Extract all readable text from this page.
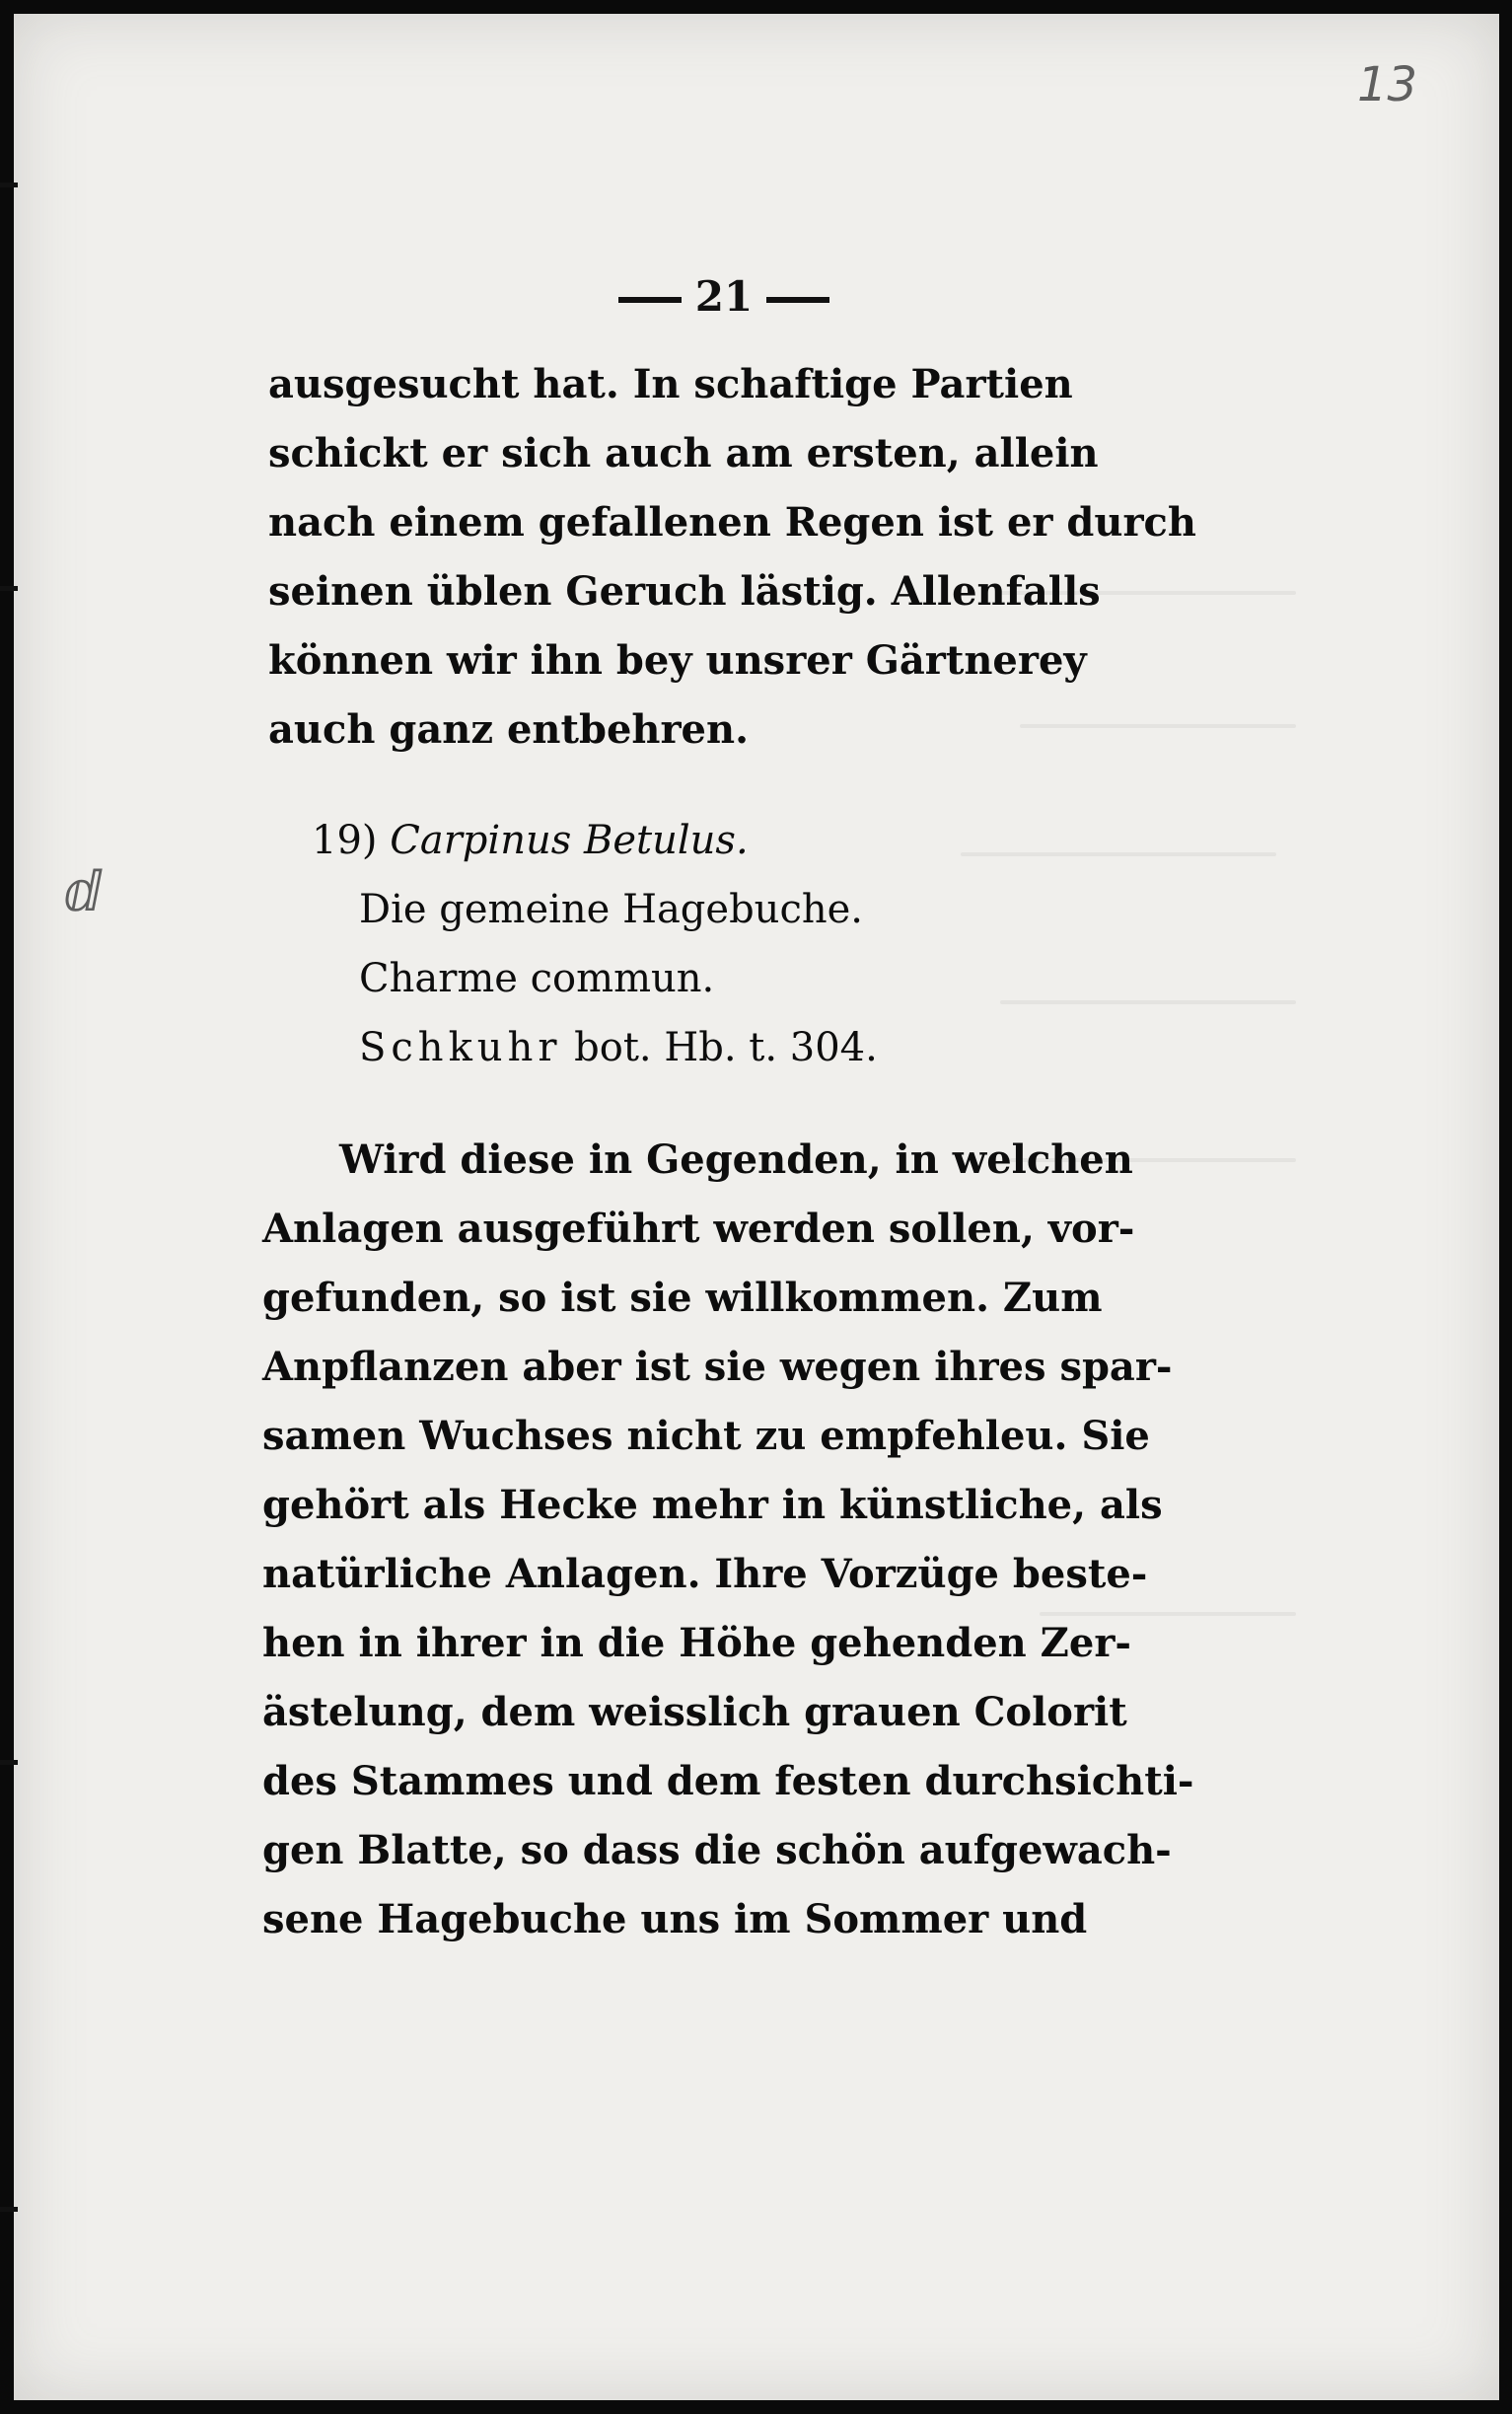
13
ⅆ
21
ausgesucht hat. In schaftige Partien
schickt er sich auch am ersten, allein
nach einem gefallenen Regen ist er durch
seinen üblen Geruch lästig. Allenfalls
können wir ihn bey unsrer Gärtnerey
auch ganz entbehren.
19) Carpinus Betulus.
Die gemeine Hagebuche.
Charme commun.
Schkuhr bot. Hb. t. 304.
Wird diese in Gegenden, in welchen
Anlagen ausgeführt werden sollen, vor-
gefunden, so ist sie willkommen. Zum
Anpflanzen aber ist sie wegen ihres spar-
samen Wuchses nicht zu empfehleu. Sie
gehört als Hecke mehr in künstliche, als
natürliche Anlagen. Ihre Vorzüge beste-
hen in ihrer in die Höhe gehenden Zer-
ästelung, dem weisslich grauen Colorit
des Stammes und dem festen durchsichti-
gen Blatte, so dass die schön aufgewach-
sene Hagebuche uns im Sommer und
